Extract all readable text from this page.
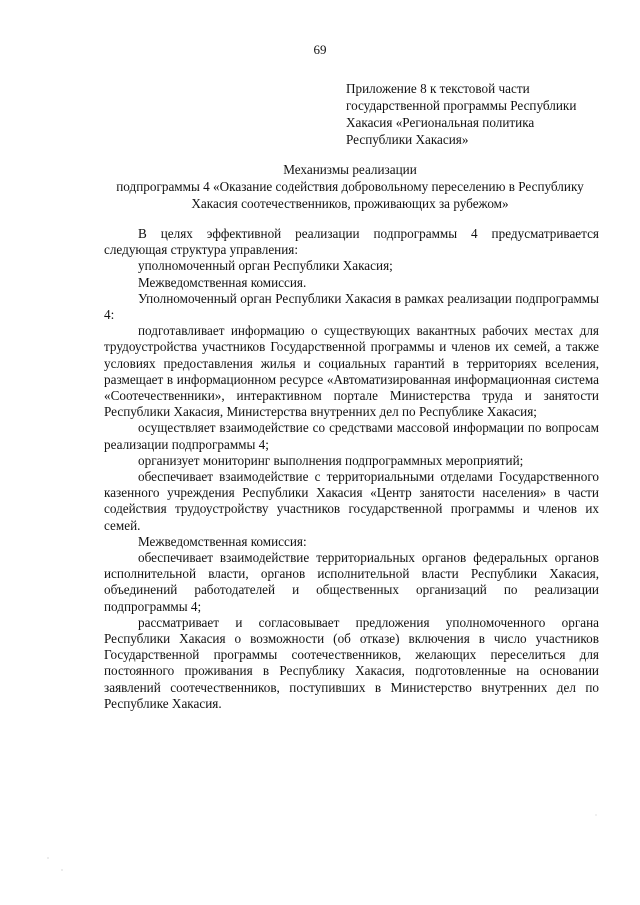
69
Приложение 8 к текстовой части
государственной программы Республики
Хакасия «Региональная политика
Республики Хакасия»
Механизмы реализации
подпрограммы 4 «Оказание содействия добровольному переселению в Республику
Хакасия соотечественников, проживающих за рубежом»

В целях эффективной реализации подпрограммы 4 предусматривается следующая структура управления:

уполномоченный орган Республики Хакасия;

Межведомственная комиссия.

Уполномоченный орган Республики Хакасия в рамках реализации подпрограммы 4:

подготавливает информацию о существующих вакантных рабочих местах для трудоустройства участников Государственной программы и членов их семей, а также условиях предоставления жилья и социальных гарантий в территориях вселения, размещает в информационном ресурсе «Автоматизированная информационная система «Соотечественники», интерактивном портале Министерства труда и занятости Республики Хакасия, Министерства внутренних дел по Республике Хакасия;

осуществляет взаимодействие со средствами массовой информации по вопросам реализации подпрограммы 4;

организует мониторинг выполнения подпрограммных мероприятий;

обеспечивает взаимодействие с территориальными отделами Государственного казенного учреждения Республики Хакасия «Центр занятости населения» в части содействия трудоустройству участников государственной программы и членов их семей.

Межведомственная комиссия:

обеспечивает взаимодействие территориальных органов федеральных органов исполнительной власти, органов исполнительной власти Республики Хакасия, объединений работодателей и общественных организаций по реализации подпрограммы 4;

рассматривает и согласовывает предложения уполномоченного органа Республики Хакасия о возможности (об отказе) включения в число участников Государственной программы соотечественников, желающих переселиться для постоянного проживания в Республику Хакасия, подготовленные на основании заявлений соотечественников, поступивших в Министерство внутренних дел по Республике Хакасия.
